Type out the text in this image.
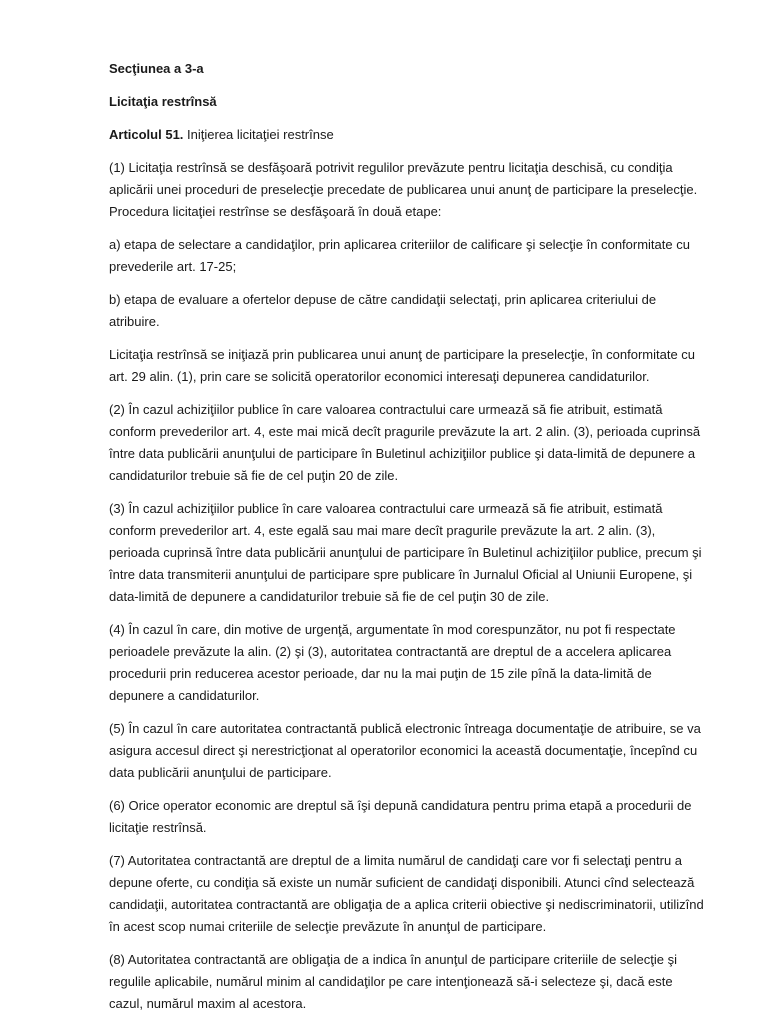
Secţiunea a 3-a

Licitaţia restrînsă

Articolul 51. Iniţierea licitaţiei restrînse

(1) Licitaţia restrînsă se desfăşoară potrivit regulilor prevăzute pentru licitaţia deschisă, cu condiţia aplicării unei proceduri de preselecţie precedate de publicarea unui anunţ de participare la preselecţie. Procedura licitaţiei restrînse se desfăşoară în două etape:

a) etapa de selectare a candidaţilor, prin aplicarea criteriilor de calificare şi selecţie în conformitate cu prevederile art. 17-25;

b) etapa de evaluare a ofertelor depuse de către candidaţii selectaţi, prin aplicarea criteriului de atribuire.

Licitaţia restrînsă se iniţiază prin publicarea unui anunţ de participare la preselecţie, în conformitate cu art. 29 alin. (1), prin care se solicită operatorilor economici interesaţi depunerea candidaturilor.

(2) În cazul achiziţiilor publice în care valoarea contractului care urmează să fie atribuit, estimată conform prevederilor art. 4, este mai mică decît pragurile prevăzute la art. 2 alin. (3), perioada cuprinsă între data publicării anunţului de participare în Buletinul achiziţiilor publice şi data-limită de depunere a candidaturilor trebuie să fie de cel puţin 20 de zile.

(3) În cazul achiziţiilor publice în care valoarea contractului care urmează să fie atribuit, estimată conform prevederilor art. 4, este egală sau mai mare decît pragurile prevăzute la art. 2 alin. (3), perioada cuprinsă între data publicării anunţului de participare în Buletinul achiziţiilor publice, precum şi între data transmiterii anunţului de participare spre publicare în Jurnalul Oficial al Uniunii Europene, şi data-limită de depunere a candidaturilor trebuie să fie de cel puţin 30 de zile.

(4) În cazul în care, din motive de urgenţă, argumentate în mod corespunzător, nu pot fi respectate perioadele prevăzute la alin. (2) şi (3), autoritatea contractantă are dreptul de a accelera aplicarea procedurii prin reducerea acestor perioade, dar nu la mai puţin de 15 zile pînă la data-limită de depunere a candidaturilor.

(5) În cazul în care autoritatea contractantă publică electronic întreaga documentaţie de atribuire, se va asigura accesul direct şi nerestricţionat al operatorilor economici la această documentaţie, începînd cu data publicării anunţului de participare.

(6) Orice operator economic are dreptul să îşi depună candidatura pentru prima etapă a procedurii de licitaţie restrînsă.

(7) Autoritatea contractantă are dreptul de a limita numărul de candidaţi care vor fi selectaţi pentru a depune oferte, cu condiţia să existe un număr suficient de candidaţi disponibili. Atunci cînd selectează candidaţii, autoritatea contractantă are obligaţia de a aplica criterii obiective şi nediscriminatorii, utilizînd în acest scop numai criteriile de selecţie prevăzute în anunţul de participare.

(8) Autoritatea contractantă are obligaţia de a indica în anunţul de participare criteriile de selecţie şi regulile aplicabile, numărul minim al candidaţilor pe care intenţionează să-i selecteze şi, dacă este cazul, numărul maxim al acestora.
